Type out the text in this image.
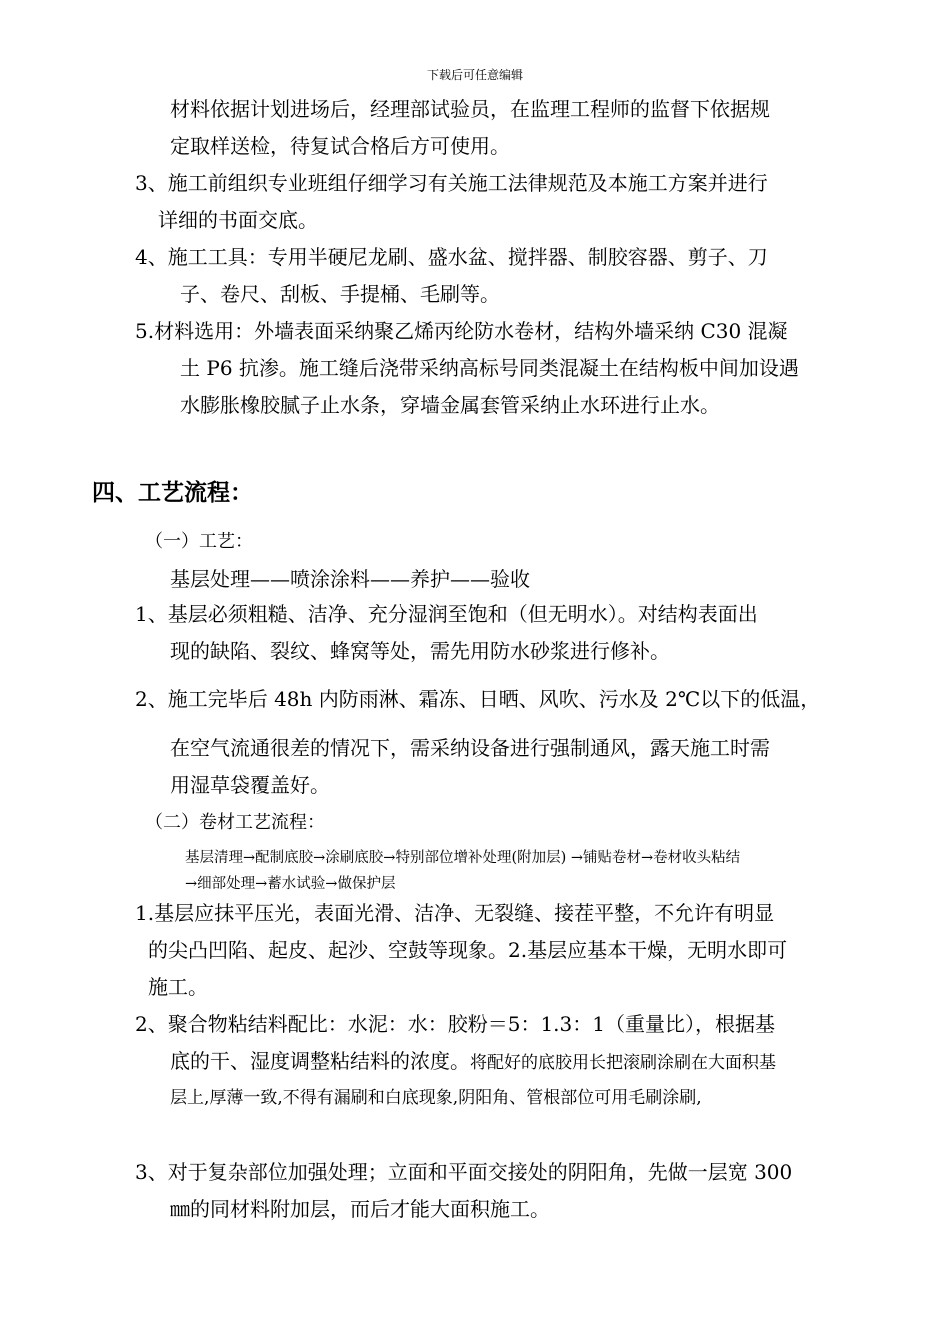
下载后可任意编辑
材料依据计划进场后，经理部试验员，在监理工程师的监督下依据规
定取样送检，待复试合格后方可使用。
3、施工前组织专业班组仔细学习有关施工法律规范及本施工方案并进行
详细的书面交底。
4、施工工具：专用半硬尼龙刷、盛水盆、搅拌器、制胶容器、剪子、刀
子、卷尺、刮板、手提桶、毛刷等。
5.材料选用：外墙表面采纳聚乙烯丙纶防水卷材，结构外墙采纳 C30 混凝
土 P6 抗渗。施工缝后浇带采纳高标号同类混凝土在结构板中间加设遇
水膨胀橡胶腻子止水条，穿墙金属套管采纳止水环进行止水。
四、工艺流程：
（一）工艺：
基层处理——喷涂涂料——养护——验收
1、基层必须粗糙、洁净、充分湿润至饱和（但无明水）。对结构表面出
现的缺陷、裂纹、蜂窝等处，需先用防水砂浆进行修补。
2、施工完毕后 48h 内防雨淋、霜冻、日晒、风吹、污水及 2℃以下的低温，
在空气流通很差的情况下，需采纳设备进行强制通风，露天施工时需
用湿草袋覆盖好。
（二）卷材工艺流程：
基层清理→配制底胶→涂刷底胶→特别部位增补处理(附加层) →铺贴卷材→卷材收头粘结
→细部处理→蓄水试验→做保护层
1.基层应抹平压光，表面光滑、洁净、无裂缝、接茬平整，不允许有明显
的尖凸凹陷、起皮、起沙、空鼓等现象。2.基层应基本干燥，无明水即可
施工。
2、聚合物粘结料配比：水泥：水：胶粉＝5：1.3：1（重量比），根据基
底的干、湿度调整粘结料的浓度。将配好的底胶用长把滚刷涂刷在大面积基
层上,厚薄一致,不得有漏刷和白底现象,阴阳角、管根部位可用毛刷涂刷,
3、对于复杂部位加强处理；立面和平面交接处的阴阳角，先做一层宽 300
㎜的同材料附加层，而后才能大面积施工。
